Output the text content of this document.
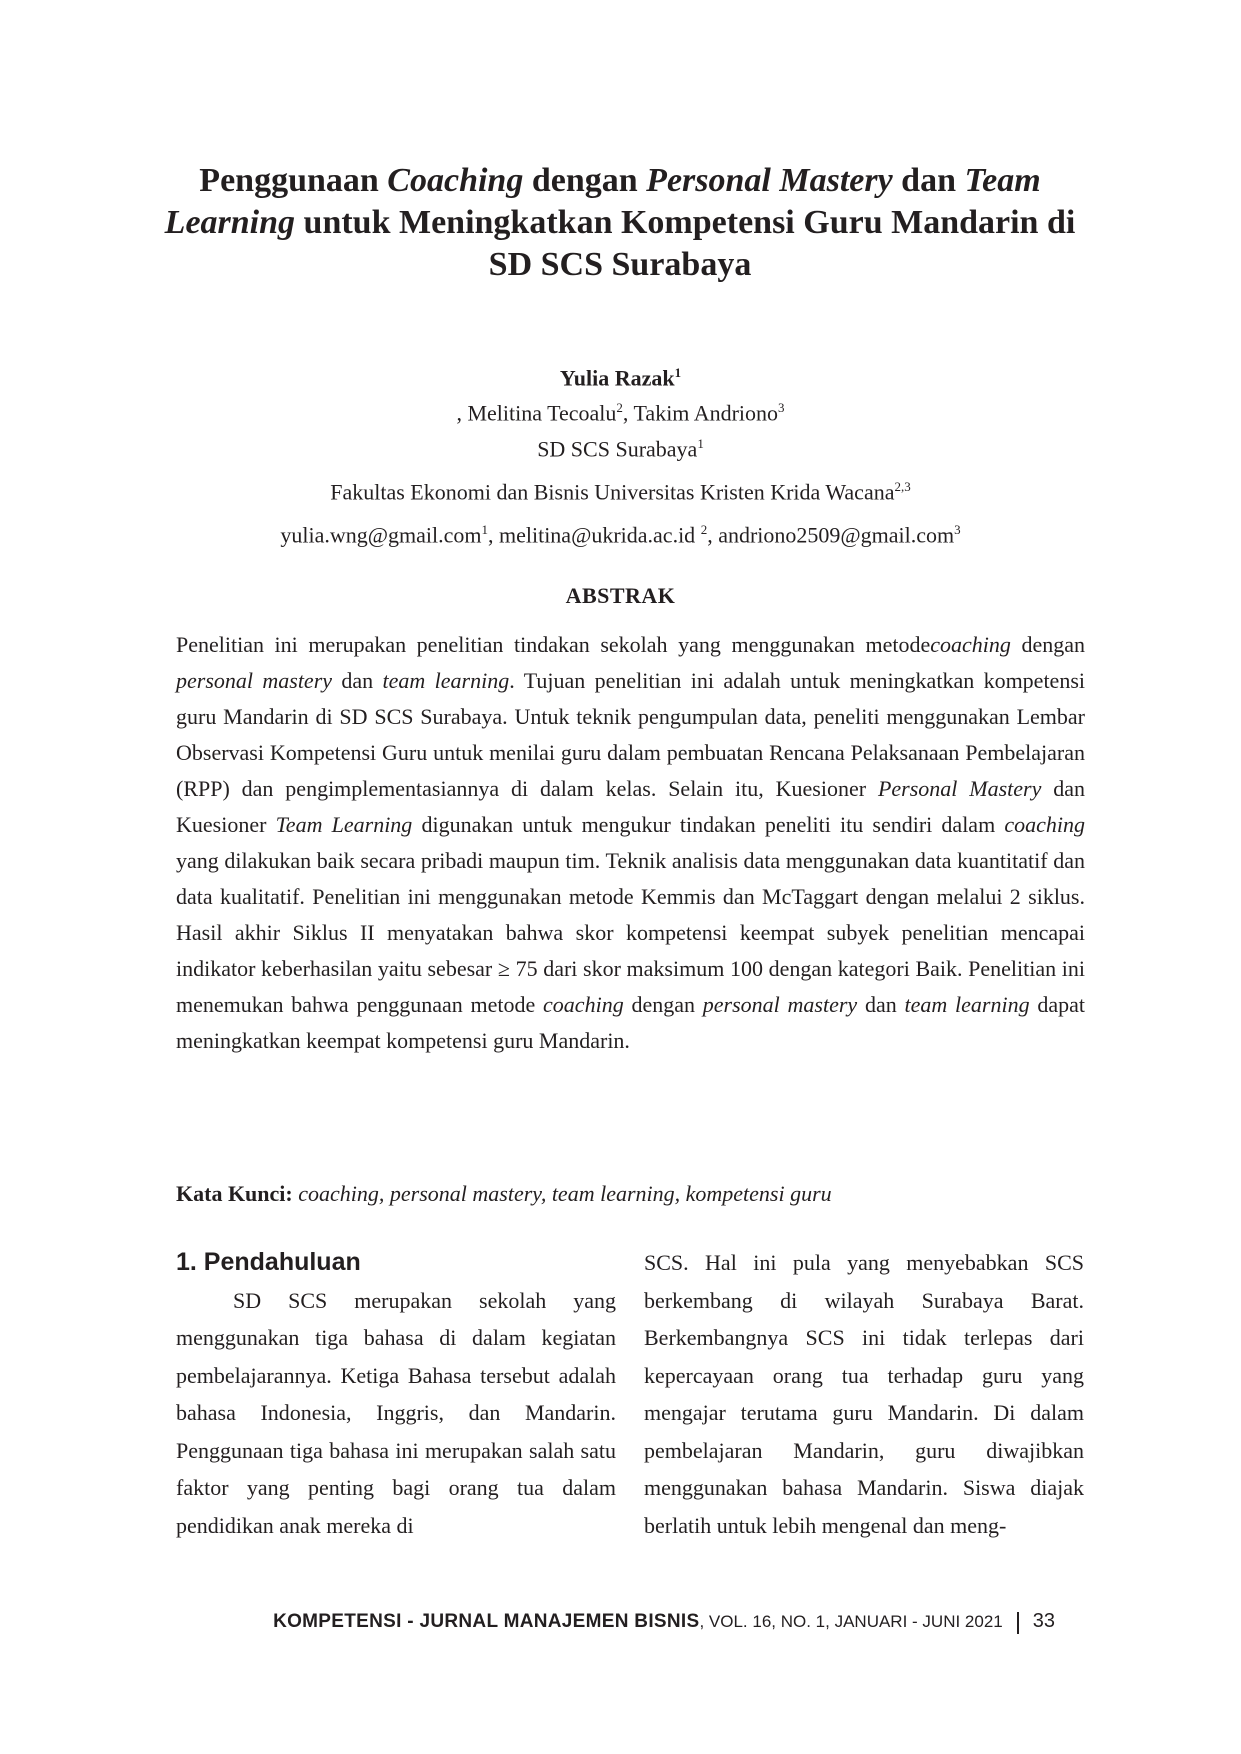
Penggunaan Coaching dengan Personal Mastery dan Team
Learning untuk Meningkatkan Kompetensi Guru Mandarin di
SD SCS Surabaya
Yulia Razak$^1$
, Melitina Tecoalu$^2$, Takim Andriono$^3$
SD SCS Surabaya$^1$
Fakultas Ekonomi dan Bisnis Universitas Kristen Krida Wacana$^{2,3}$
yulia.wng@gmail.com$^1$, melitina@ukrida.ac.id $^2$, andriono2509@gmail.com$^3$
ABSTRAK
Penelitian ini merupakan penelitian tindakan sekolah yang menggunakan metodecoaching dengan personal mastery dan team learning. Tujuan penelitian ini adalah untuk meningkatkan kompetensi guru Mandarin di SD SCS Surabaya. Untuk teknik pengumpulan data, peneliti menggunakan Lembar Observasi Kompetensi Guru untuk menilai guru dalam pembuatan Rencana Pelaksanaan Pembelajaran (RPP) dan pengimplementasiannya di dalam kelas. Selain itu, Kuesioner Personal Mastery dan Kuesioner Team Learning digunakan untuk mengukur tindakan peneliti itu sendiri dalam coaching yang dilakukan baik secara pribadi maupun tim. Teknik analisis data menggunakan data kuantitatif dan data kualitatif. Penelitian ini menggunakan metode Kemmis dan McTaggart dengan melalui 2 siklus. Hasil akhir Siklus II menyatakan bahwa skor kompetensi keempat subyek penelitian mencapai indikator keberhasilan yaitu sebesar ≥ 75 dari skor maksimum 100 dengan kategori Baik. Penelitian ini menemukan bahwa penggunaan metode coaching dengan personal mastery dan team learning dapat meningkatkan keempat kompetensi guru Mandarin.
Kata Kunci: coaching, personal mastery, team learning, kompetensi guru
1. Pendahuluan
SD SCS merupakan sekolah yang menggunakan tiga bahasa di dalam kegiatan pembelajarannya. Ketiga Bahasa tersebut adalah bahasa Indonesia, Inggris, dan Mandarin. Penggunaan tiga bahasa ini merupakan salah satu faktor yang penting bagi orang tua dalam pendidikan anak mereka di
SCS. Hal ini pula yang menyebabkan SCS berkembang di wilayah Surabaya Barat. Berkembangnya SCS ini tidak terlepas dari kepercayaan orang tua terhadap guru yang mengajar terutama guru Mandarin. Di dalam pembelajaran Mandarin, guru diwajibkan menggunakan bahasa Mandarin. Siswa diajak berlatih untuk lebih mengenal dan meng-
KOMPETENSI - JURNAL MANAJEMEN BISNIS, VOL. 16, NO. 1, JANUARI - JUNI 2021 33
